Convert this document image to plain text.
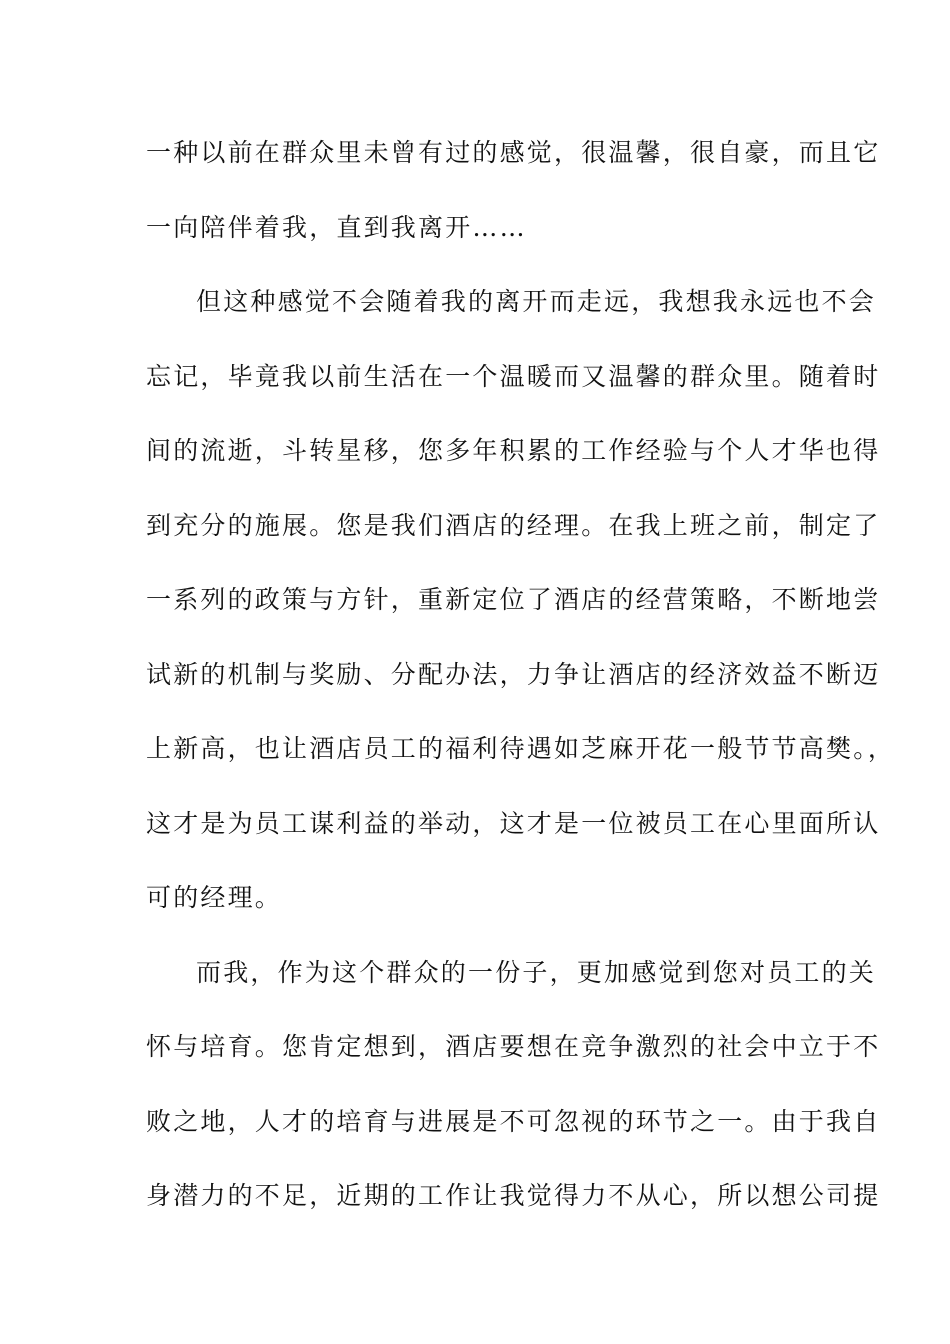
一种以前在群众里未曾有过的感觉，很温馨，很自豪，而且它
一向陪伴着我，直到我离开……
但这种感觉不会随着我的离开而走远，我想我永远也不会
忘记，毕竟我以前生活在一个温暖而又温馨的群众里。随着时
间的流逝，斗转星移，您多年积累的工作经验与个人才华也得
到充分的施展。您是我们酒店的经理。在我上班之前，制定了
一系列的政策与方针，重新定位了酒店的经营策略，不断地尝
试新的机制与奖励、分配办法，力争让酒店的经济效益不断迈
上新高，也让酒店员工的福利待遇如芝麻开花一般节节高樊。，
这才是为员工谋利益的举动，这才是一位被员工在心里面所认
可的经理。
而我，作为这个群众的一份子，更加感觉到您对员工的关
怀与培育。您肯定想到，酒店要想在竞争激烈的社会中立于不
败之地，人才的培育与进展是不可忽视的环节之一。由于我自
身潜力的不足，近期的工作让我觉得力不从心，所以想公司提
